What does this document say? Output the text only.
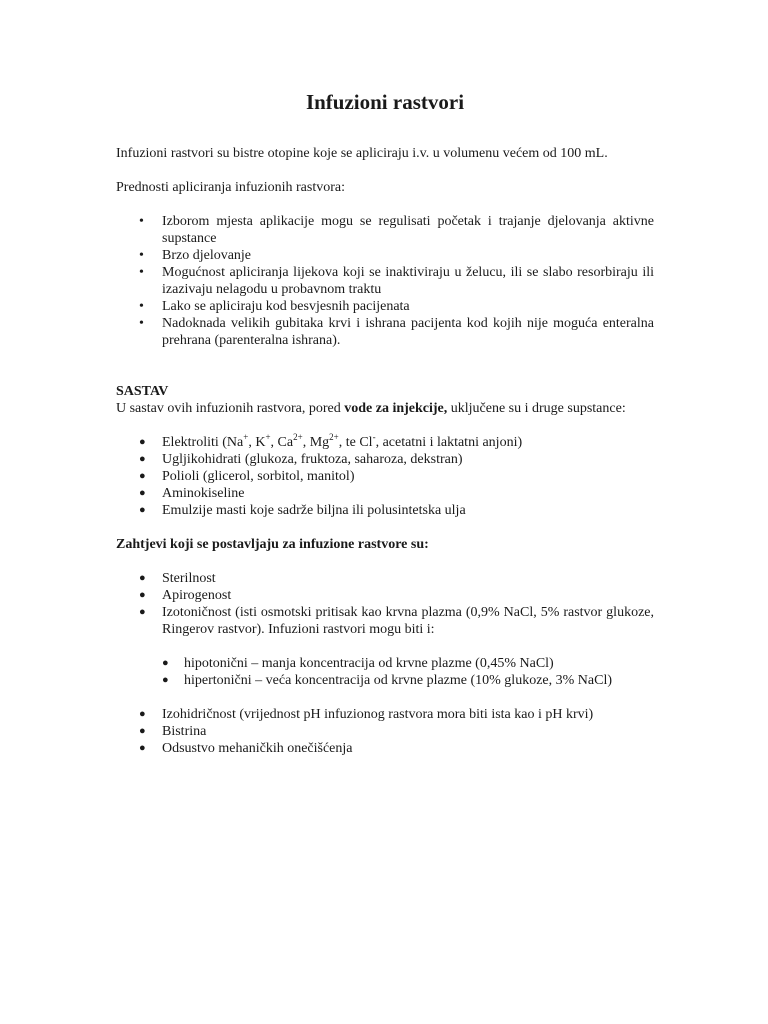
Infuzioni rastvori

Infuzioni rastvori su bistre otopine koje se apliciraju i.v. u volumenu većem od 100 mL.

Prednosti apliciranja infuzionih rastvora:

• Izborom mjesta aplikacije mogu se regulisati početak i trajanje djelovanja aktivne supstance
• Brzo djelovanje
• Mogućnost apliciranja lijekova koji se inaktiviraju u želucu, ili se slabo resorbiraju ili izazivaju nelagodu u probavnom traktu
• Lako se apliciraju kod besvjesnih pacijenata
• Nadoknada velikih gubitaka krvi i ishrana pacijenta kod kojih nije moguća enteralna prehrana (parenteralna ishrana).

SASTAV

U sastav ovih infuzionih rastvora, pored vode za injekcije, uključene su i druge supstance:

● Elektroliti (Na+, K+, $Ca^{2+}$, $Mg^{2+}$, te Cl-, acetatni i laktatni anjoni)
● Ugljikohidrati (glukoza, fruktoza, saharoza, dekstran)
● Polioli (glicerol, sorbitol, manitol)
● Aminokiseline
● Emulzije masti koje sadrže biljna ili polusintetska ulja

Zahtjevi koji se postavljaju za infuzione rastvore su:

● Sterilnost
● Apirogenost
● Izotoničnost (isti osmotski pritisak kao krvna plazma (0,9% NaCl, 5% rastvor glukoze, Ringerov rastvor). Infuzioni rastvori mogu biti i:
● hipotonični – manja koncentracija od krvne plazme (0,45% NaCl)
● hipertonični – veća koncentracija od krvne plazme (10% glukoze, 3% NaCl)
● Izohidričnost (vrijednost pH infuzionog rastvora mora biti ista kao i pH krvi)
● Bistrina
● Odsustvo mehaničkih onečišćenja
